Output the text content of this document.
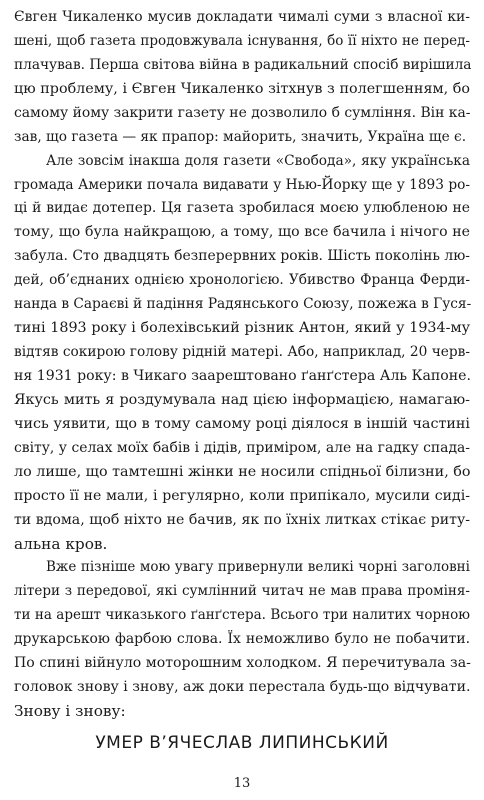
Євген Чикаленко мусив докладати чималі суми з власної ки-
шені, щоб газета продовжувала існування, бо її ніхто не перед-
плачував. Перша світова війна в радикальний спосіб вирішила
цю проблему, і Євген Чикаленко зітхнув з полегшенням, бо
самому йому закрити газету не дозволило б сумління. Він ка-
зав, що газета — як прапор: майорить, значить, Україна ще є.
Але зовсім інакша доля газети «Свобода», яку українська
громада Америки почала видавати у Нью-Йорку ще у 1893 ро-
ці й видає дотепер. Ця газета зробилася моєю улюбленою не
тому, що була найкращою, а тому, що все бачила і нічого не
забула. Сто двадцять безперервних років. Шість поколінь лю-
дей, об’єднаних однією хронологією. Убивство Франца Ферди-
нанда в Сараєві й падіння Радянського Союзу, пожежа в Гуся-
тині 1893 року і болехівський різник Антон, який у 1934-му
відтяв сокирою голову рідній матері. Або, наприклад, 20 черв-
ня 1931 року: в Чикаго заарештовано ґанґстера Аль Капоне.
Якусь мить я роздумувала над цією інформацією, намагаю-
чись уявити, що в тому самому році діялося в іншій частині
світу, у селах моїх бабів і дідів, приміром, але на гадку спада-
ло лише, що тамтешні жінки не носили спідньої білизни, бо
просто її не мали, і регулярно, коли припікало, мусили сиді-
ти вдома, щоб ніхто не бачив, як по їхніх литках стікає риту-
альна кров.
Вже пізніше мою увагу привернули великі чорні заголовні
літери з передової, які сумлінний читач не мав права проміня-
ти на арешт чиказького ґанґстера. Всього три налитих чорною
друкарською фарбою слова. Їх неможливо було не побачити.
По спині війнуло моторошним холодком. Я перечитувала за-
головок знову і знову, аж доки перестала будь-що відчувати.
Знову і знову:
УМЕР В’ЯЧЕСЛАВ ЛИПИНСЬКИЙ
13
